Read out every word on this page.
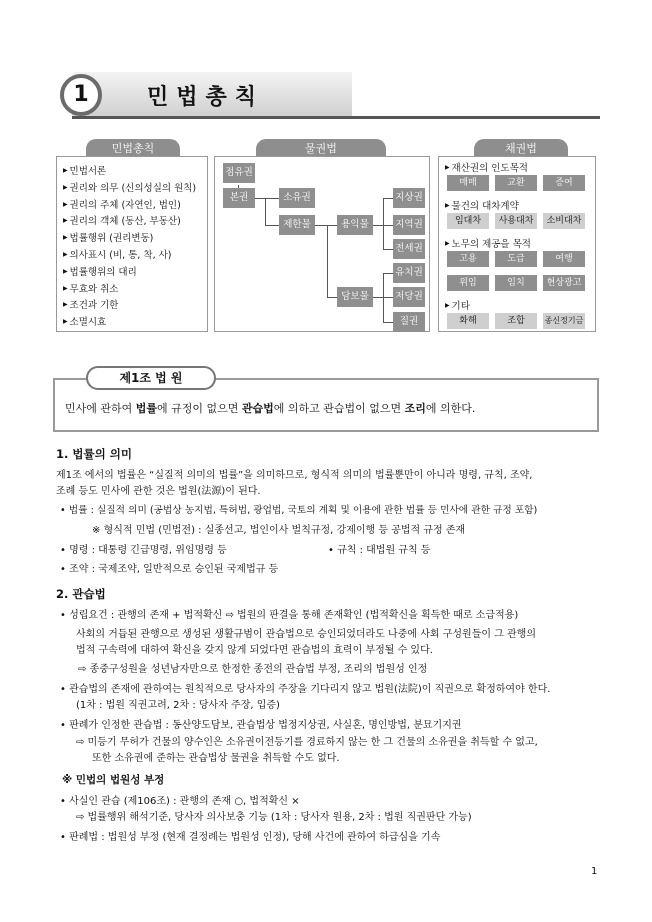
1	민법총칙
민법총칙
▶ 민법서론
▶ 권리와 의무 (신의성실의 원칙)
▶ 권리의 주체 (자연인, 법인)
▶ 권리의 객체 (동산, 부동산)
▶ 법률행위 (권리변동)
▶ 의사표시 (비, 통, 착, 사)
▶ 법률행위의 대리
▶ 무효와 취소
▶ 조건과 기한
▶ 소멸시효
물권법
점유권
본권	소유권
제한물권
용익물권
담보물권
지상권
지역권
전세권
유치권
저당권
질권
채권법
▶ 재산권의 인도목적
매매	교환	증여
▶ 물건의 대차계약
임대차	사용대차	소비대차
▶ 노무의 제공을 목적
고용	도급	여행
위임	임치	현상광고
▶ 기타
화해	조합	종신정기금
제1조 법 원
민사에 관하여 법률에 규정이 없으면 관습법에 의하고 관습법이 없으면 조리에 의한다.
1. 법률의 의미
제1조 에서의 법률은 “실질적 의미의 법률”을 의미하므로, 형식적 의미의 법률뿐만이 아니라 명령, 규칙, 조약,
조례 등도 민사에 관한 것은 법원(法源)이 된다.
• 법률 : 실질적 의미 (공법상 농지법, 특허법, 광업법, 국토의 계획 및 이용에 관한 법률 등 민사에 관한 규정 포함)
※ 형식적 민법 (민법전) : 실종선고, 법인이사 벌칙규정, 강제이행 등 공법적 규정 존재
• 명령 : 대통령 긴급명령, 위임명령 등	• 규칙 : 대법원 규칙 등
• 조약 : 국제조약, 일반적으로 승인된 국제법규 등
2. 관습법
• 성립요건 : 관행의 존재 + 법적확신 ⇨ 법원의 판결을 통해 존재확인 (법적확신을 획득한 때로 소급적용)
사회의 거듭된 관행으로 생성된 생활규범이 관습법으로 승인되었더라도 나중에 사회 구성원들이 그 관행의
법적 구속력에 대하여 확신을 갖지 않게 되었다면 관습법의 효력이 부정될 수 있다.
⇨ 종중구성원을 성년남자만으로 한정한 종전의 관습법 부정, 조리의 법원성 인정
• 관습법의 존재에 관하여는 원칙적으로 당사자의 주장을 기다리지 않고 법원(法院)이 직권으로 확정하여야 한다.
(1차 : 법원 직권고려, 2차 : 당사자 주장, 입증)
• 판례가 인정한 관습법 : 동산양도담보, 관습법상 법정지상권, 사실혼, 명인방법, 분묘기지권
⇨ 미등기 무허가 건물의 양수인은 소유권이전등기를 경료하지 않는 한 그 건물의 소유권을 취득할 수 없고,
또한 소유권에 준하는 관습법상 물권을 취득할 수도 없다.
※ 민법의 법원성 부정
• 사실인 관습 (제106조) : 관행의 존재 ○, 법적확신 ×
⇨ 법률행위 해석기준, 당사자 의사보충 기능 (1차 : 당사자 원용, 2차 : 법원 직권판단 가능)
• 판례법 : 법원성 부정 (현재 결정례는 법원성 인정), 당해 사건에 관하여 하급심을 기속
1
